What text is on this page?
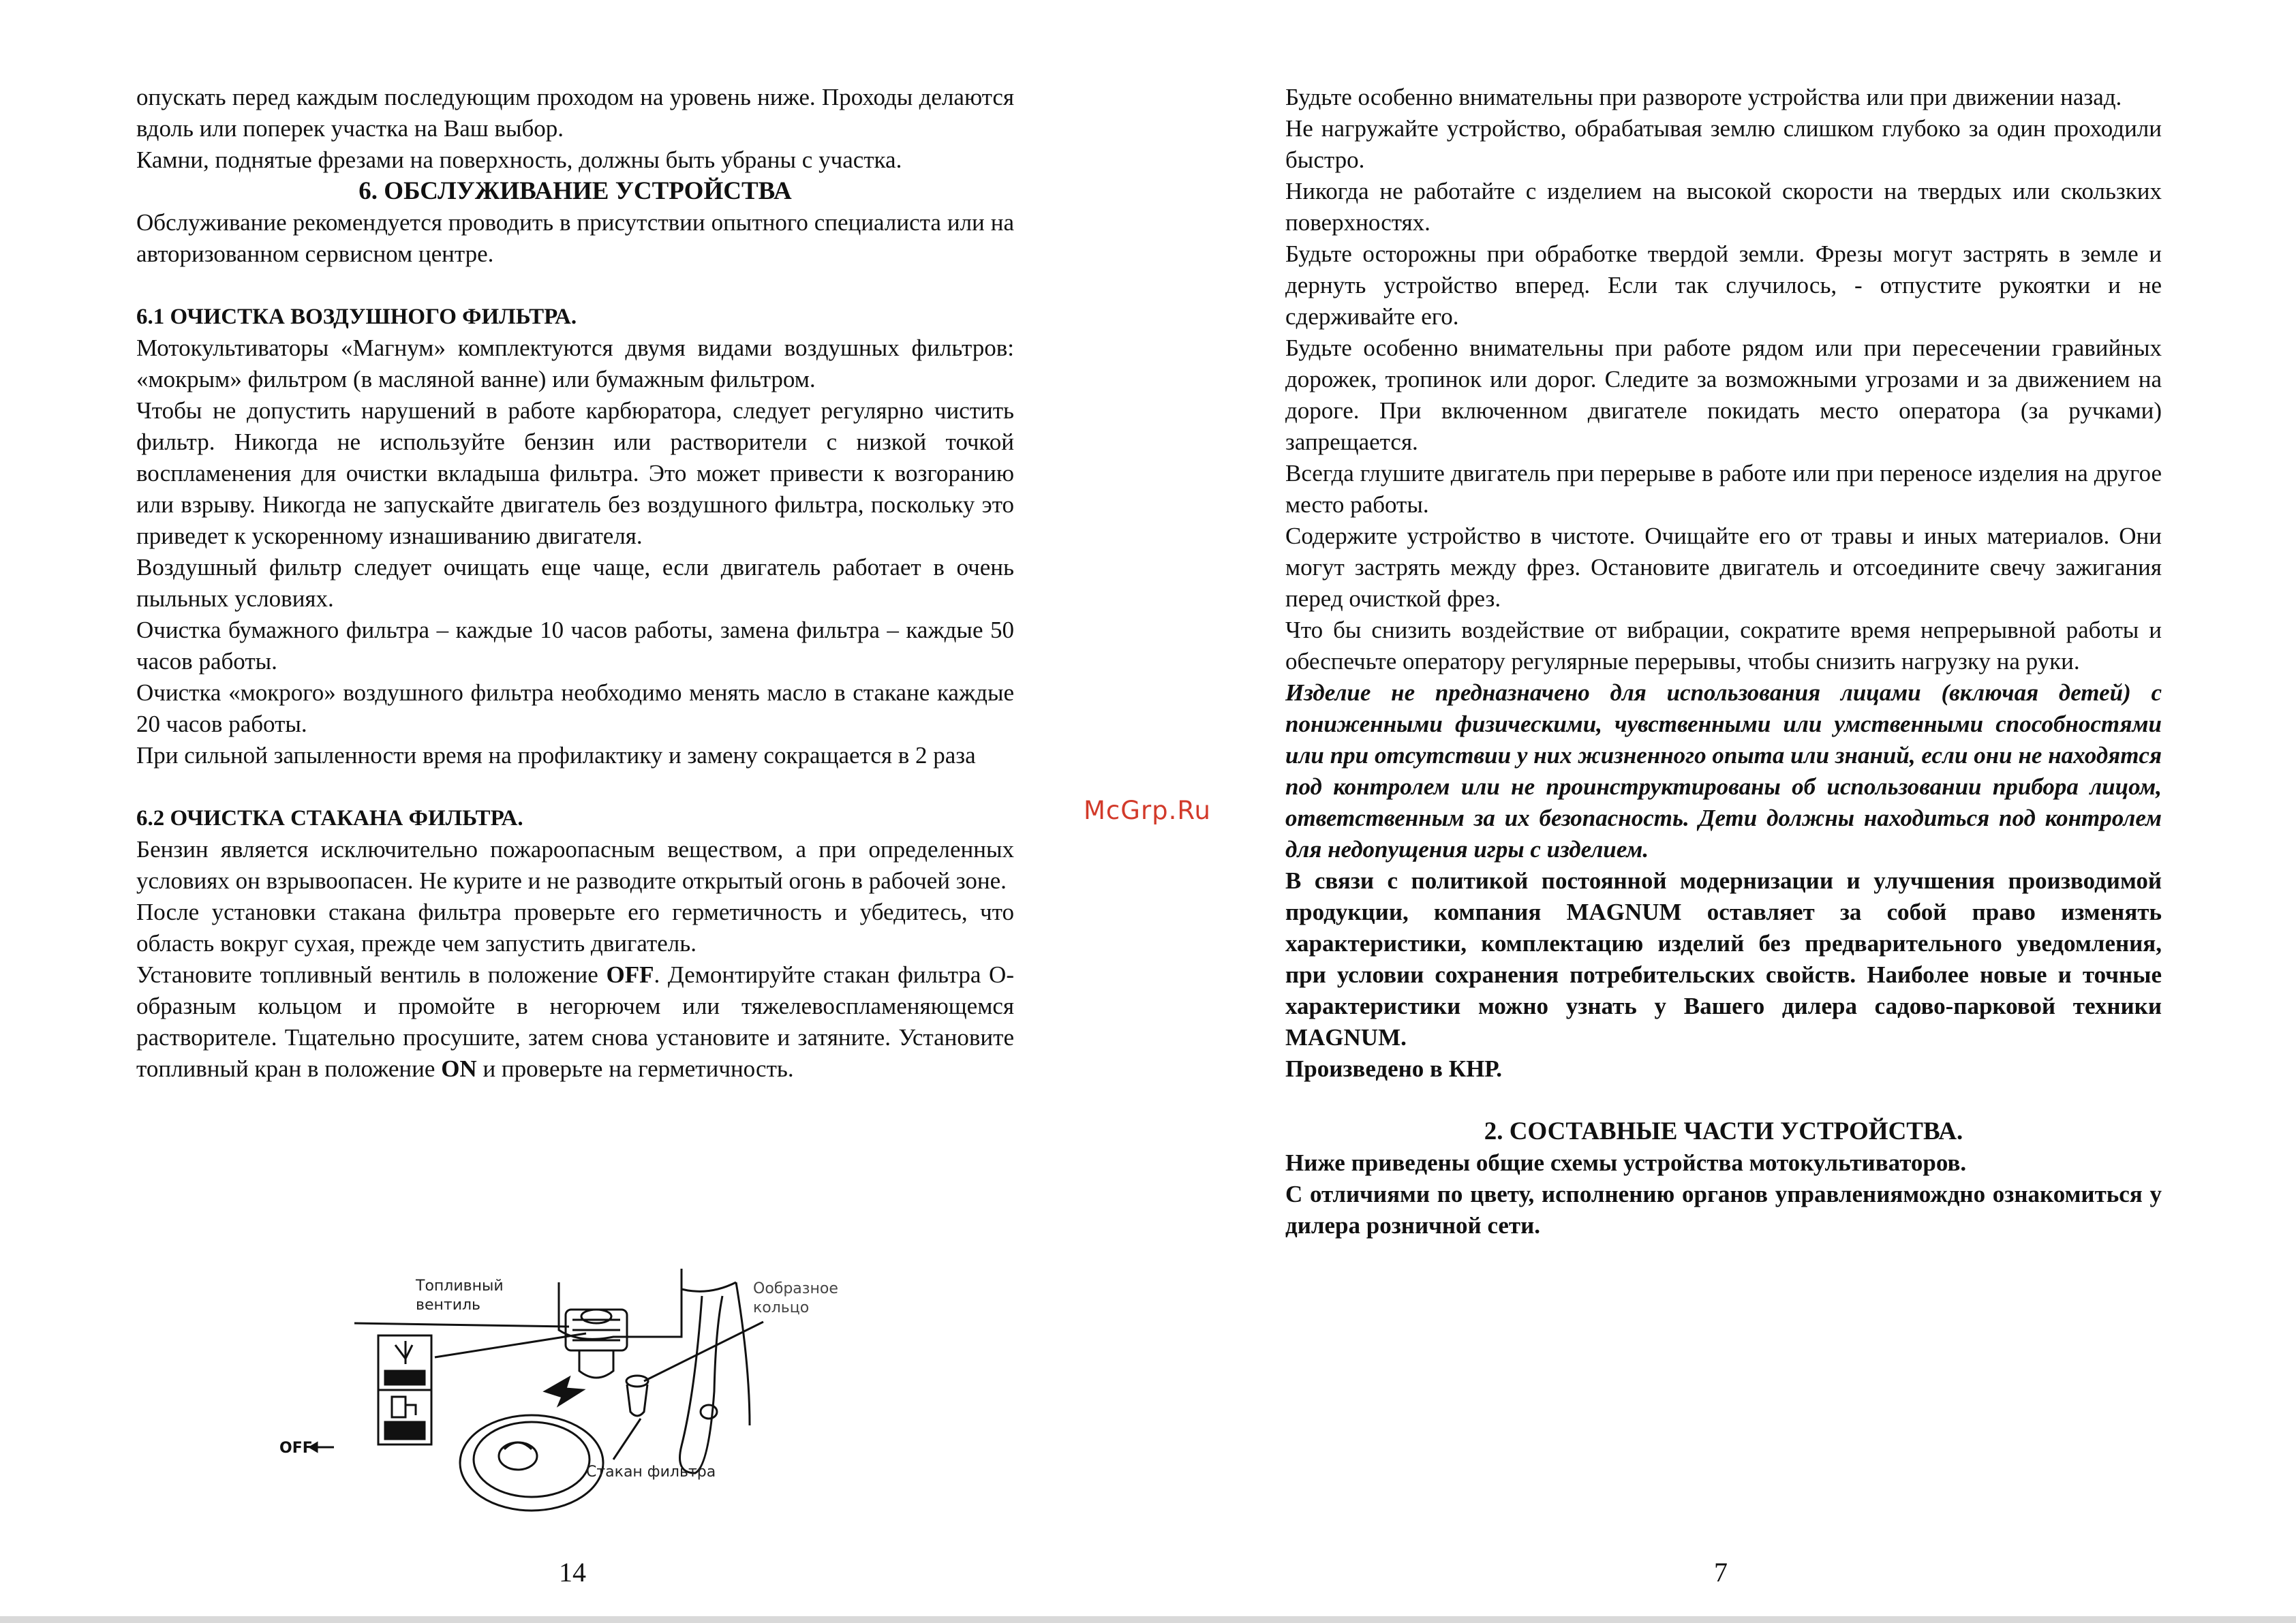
опускать перед каждым последующим проходом на уровень ниже. Проходы делаются вдоль или поперек участка на Ваш выбор.

Камни, поднятые фрезами на поверхность, должны быть убраны с участка.

6. ОБСЛУЖИВАНИЕ УСТРОЙСТВА

Обслуживание рекомендуется проводить в присутствии опытного специалиста или на авторизованном сервисном центре.

6.1 ОЧИСТКА ВОЗДУШНОГО ФИЛЬТРА.

Мотокультиваторы «Магнум» комплектуются двумя видами воздушных фильтров: «мокрым» фильтром (в масляной ванне) или бумажным фильтром.

Чтобы не допустить нарушений в работе карбюратора, следует регулярно чистить фильтр. Никогда не используйте бензин или растворители с низкой точкой воспламенения для очистки вкладыша фильтра. Это может привести к возгоранию или взрыву. Никогда не запускайте двигатель без воздушного фильтра, поскольку это приведет к ускоренному изнашиванию двигателя.

Воздушный фильтр следует очищать еще чаще, если двигатель работает в очень пыльных условиях.

Очистка бумажного фильтра – каждые 10 часов работы, замена фильтра – каждые 50 часов работы.

Очистка «мокрого» воздушного фильтра необходимо менять масло в стакане каждые 20 часов работы.

При сильной запыленности время на профилактику и замену сокращается в 2 раза

6.2 ОЧИСТКА СТАКАНА ФИЛЬТРА.

Бензин является исключительно пожароопасным веществом, а при определенных условиях он взрывоопасен. Не курите и не разводите открытый огонь в рабочей зоне.

После установки стакана фильтра проверьте его герметичность и убедитесь, что область вокруг сухая, прежде чем запустить двигатель.

Установите топливный вентиль в положение OFF. Демонтируйте стакан фильтра О-образным кольцом и промойте в негорючем или тяжелевоспламеняющемся растворителе. Тщательно просушите, затем снова установите и затяните. Установите топливный кран в положение ON и проверьте на герметичность.

Топливный
вентиль
Ообразное
кольцо
Стакан фильтра
OFF
14
McGrp.Ru

Будьте особенно внимательны при развороте устройства или при движении назад.

Не нагружайте устройство, обрабатывая землю слишком глубоко за один проходили быстро.

Никогда не работайте с изделием на высокой скорости на твердых или скользких поверхностях.

Будьте осторожны при обработке твердой земли. Фрезы могут застрять в земле и дернуть устройство вперед. Если так случилось, - отпустите рукоятки и не сдерживайте его.

Будьте особенно внимательны при работе рядом или при пересечении гравийных дорожек, тропинок или дорог. Следите за возможными угрозами и за движением на дороге. При включенном двигателе покидать место оператора (за ручками) запрещается.

Всегда глушите двигатель при перерыве в работе или при переносе изделия на другое место работы.

Содержите устройство в чистоте. Очищайте его от травы и иных материалов. Они могут застрять между фрез. Остановите двигатель и отсоедините свечу зажигания перед очисткой фрез.

Что бы снизить воздействие от вибрации, сократите время непрерывной работы и обеспечьте оператору регулярные перерывы, чтобы снизить нагрузку на руки.

Изделие не предназначено для использования лицами (включая детей) с пониженными физическими, чувственными или умственными способностями или при отсутствии у них жизненного опыта или знаний, если они не находятся под контролем или не проинструктированы об использовании прибора лицом, ответственным за их безопасность. Дети должны находиться под контролем для недопущения игры с изделием.

В связи с политикой постоянной модернизации и улучшения производимой продукции, компания MAGNUM оставляет за собой право изменять характеристики, комплектацию изделий без предварительного уведомления, при условии сохранения потребительских свойств. Наиболее новые и точные характеристики можно узнать у Вашего дилера садово-парковой техники MAGNUM.

Произведено в КНР.

2. СОСТАВНЫЕ ЧАСТИ УСТРОЙСТВА.

Ниже приведены общие схемы устройства мотокультиваторов.

С отличиями по цвету, исполнению органов управлениямождно ознакомиться у дилера розничной сети.

7
